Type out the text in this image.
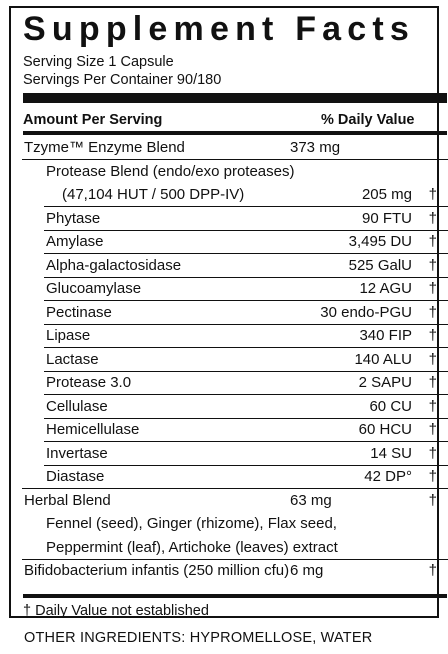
Supplement Facts
Serving Size 1 Capsule
Servings Per Container 90/180
Amount Per Serving	% Daily Value
Tzyme™ Enzyme Blend	373 mg
Protease Blend (endo/exo proteases)
(47,104 HUT / 500 DPP-IV)	205 mg †
Phytase	90 FTU †
Amylase	3,495 DU †
Alpha-galactosidase	525 GalU †
Glucoamylase	12 AGU †
Pectinase	30 endo-PGU †
Lipase	340 FIP †
Lactase	140 ALU †
Protease 3.0	2 SAPU †
Cellulase	60 CU †
Hemicellulase	60 HCU †
Invertase	14 SU †
Diastase	42 DP° †
Herbal Blend	63 mg	†
Fennel (seed), Ginger (rhizome), Flax seed,
Peppermint (leaf), Artichoke (leaves) extract
Bifidobacterium infantis (250 million cfu) 6 mg	†
† Daily Value not established
OTHER INGREDIENTS: HYPROMELLOSE, WATER
